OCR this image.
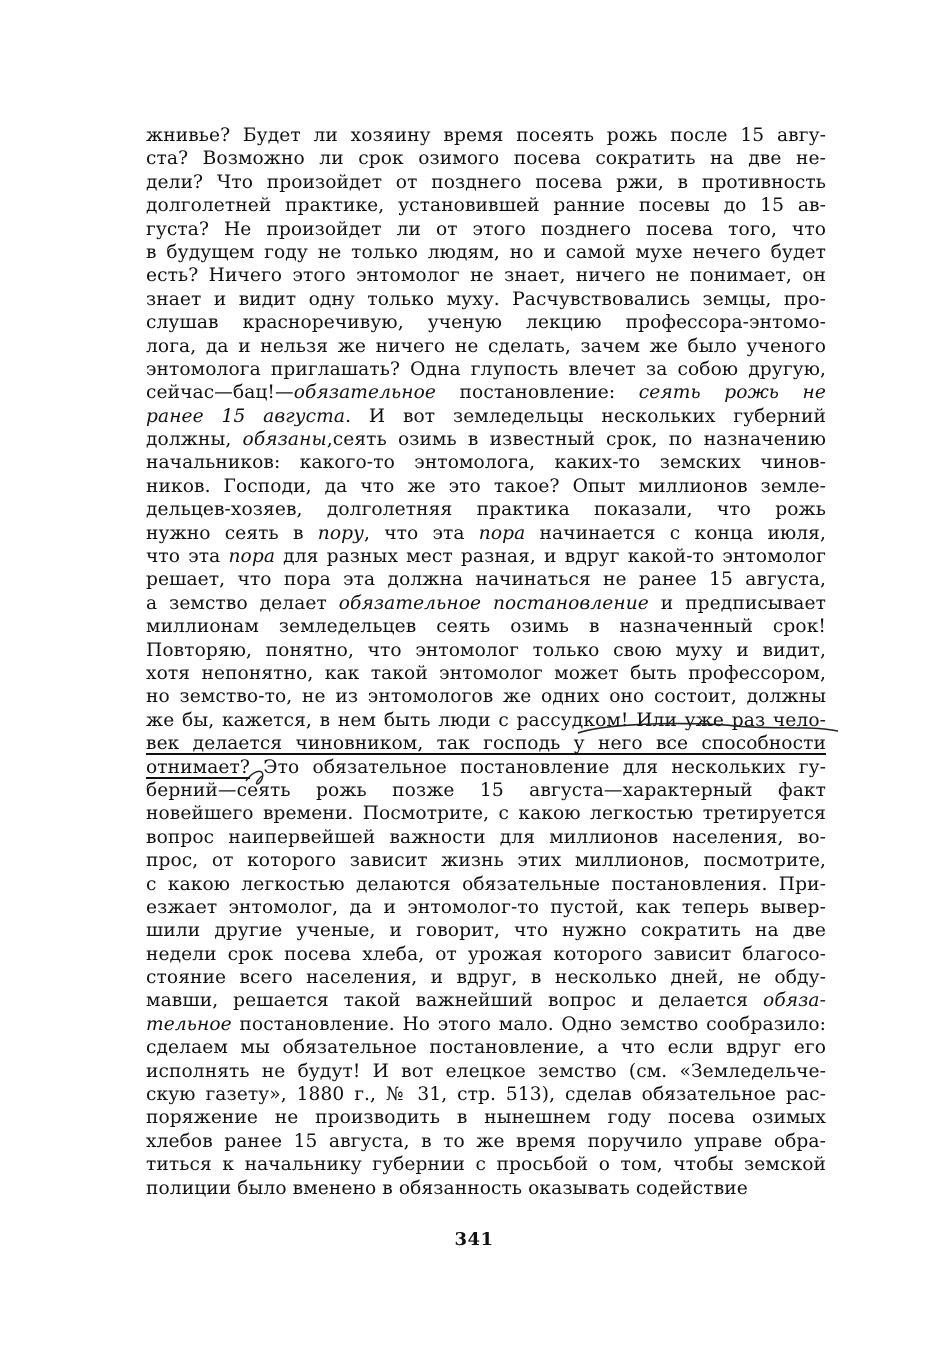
жнивье? Будет ли хозяину время посеять рожь после 15 авгу-
ста? Возможно ли срок озимого посева сократить на две не-
дели? Что произойдет от позднего посева ржи, в противность
долголетней практике, установившей ранние посевы до 15 ав-
густа? Не произойдет ли от этого позднего посева того, что
в будущем году не только людям, но и самой мухе нечего будет
есть? Ничего этого энтомолог не знает, ничего не понимает, он
знает и видит одну только муху. Расчувствовались земцы, про-
слушав красноречивую, ученую лекцию профессора-энтомо-
лога, да и нельзя же ничего не сделать, зачем же было ученого
энтомолога приглашать? Одна глупость влечет за собою другую,
сейчас—бац!—обязательное постановление: сеять рожь не
ранее 15 августа. И вот земледельцы нескольких губерний
должны, обязаны,сеять озимь в известный срок, по назначению
начальников: какого-то энтомолога, каких-то земских чинов-
ников. Господи, да что же это такое? Опыт миллионов земле-
дельцев-хозяев, долголетняя практика показали, что рожь
нужно сеять в пору, что эта пора начинается с конца июля,
что эта пора для разных мест разная, и вдруг какой-то энтомолог
решает, что пора эта должна начинаться не ранее 15 августа,
а земство делает обязательное постановление и предписывает
миллионам земледельцев сеять озимь в назначенный срок!
Повторяю, понятно, что энтомолог только свою муху и видит,
хотя непонятно, как такой энтомолог может быть профессором,
но земство-то, не из энтомологов же одних оно состоит, должны
же бы, кажется, в нем быть люди с рассудком! Или уже раз чело-
век делается чиновником, так господь у него все способности
отнимает? Это обязательное постановление для нескольких гу-
берний—сеять рожь позже 15 августа—характерный факт
новейшего времени. Посмотрите, с какою легкостью третируется
вопрос наипервейшей важности для миллионов населения, во-
прос, от которого зависит жизнь этих миллионов, посмотрите,
с какою легкостью делаются обязательные постановления. При-
езжает энтомолог, да и энтомолог-то пустой, как теперь вывер-
шили другие ученые, и говорит, что нужно сократить на две
недели срок посева хлеба, от урожая которого зависит благосо-
стояние всего населения, и вдруг, в несколько дней, не обду-
мавши, решается такой важнейший вопрос и делается обяза-
тельное постановление. Но этого мало. Одно земство сообразило:
сделаем мы обязательное постановление, а что если вдруг его
исполнять не будут! И вот елецкое земство (см. «Земледельче-
скую газету», 1880 г., № 31, стр. 513), сделав обязательное рас-
поряжение не производить в нынешнем году посева озимых
хлебов ранее 15 августа, в то же время поручило управе обра-
титься к начальнику губернии с просьбой о том, чтобы земской
полиции было вменено в обязанность оказывать содействие
341
